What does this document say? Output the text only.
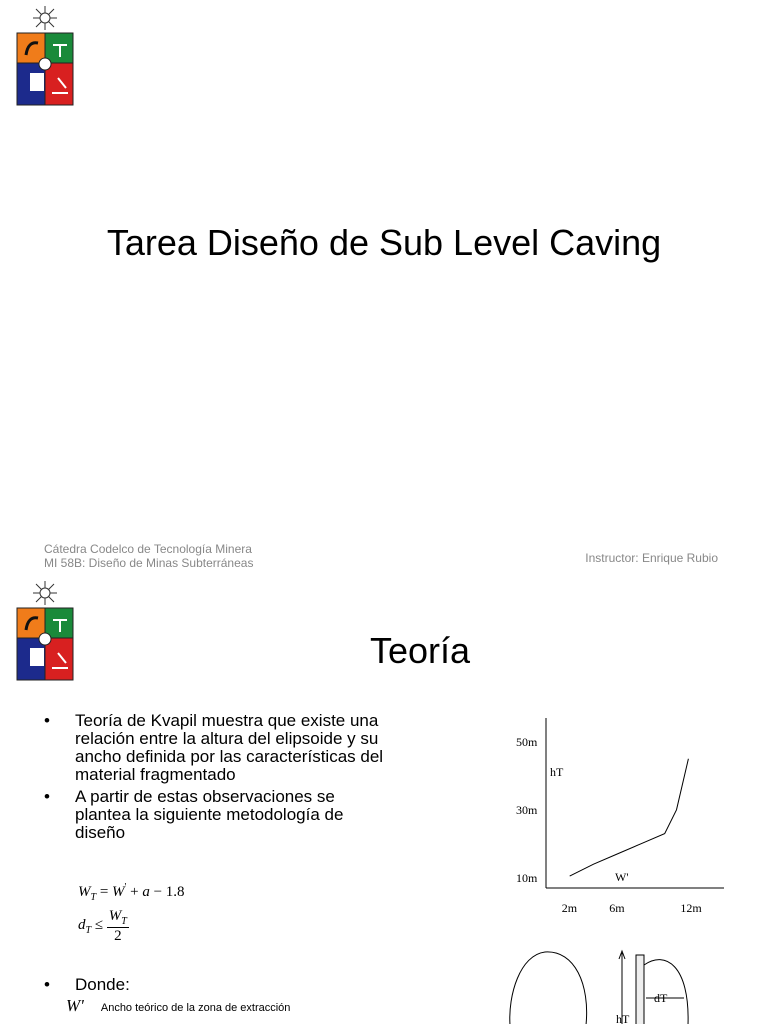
Tarea Diseño de Sub Level Caving
Cátedra Codelco de Tecnología Minera
MI 58B: Diseño de Minas Subterráneas	Instructor: Enrique Rubio
Teoría
•	Teoría de Kvapil muestra que existe una relación entre la altura del elipsoide y su ancho definida por las características del material fragmentado
•	A partir de estas observaciones se plantea la siguiente metodología de diseño
$W_T = W' + a - 1.8$
$d_T \le \frac{W_T}{2}$
•	Donde:
W' Ancho teórico de la zona de extracción
hT
W'
50m
30m
10m
2m	6m	12m
dT
hT
